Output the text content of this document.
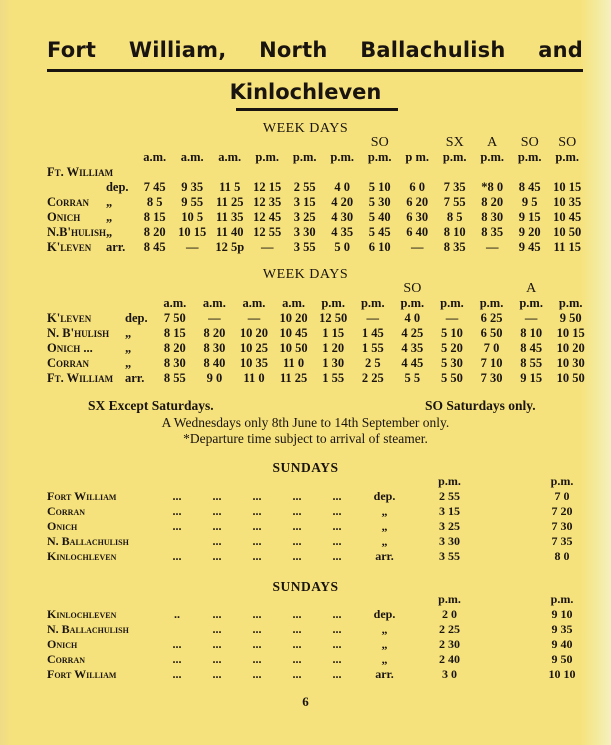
Fort William, North Ballachulish and
Kinlochleven
WEEK DAYS
								SO		SX	A	SO	SO
		a.m.	a.m.	a.m.	p.m.	p.m.	p.m.	p.m.	p m.	p.m.	p.m.	p.m.	p.m.
Ft. William													
	dep.	7 45	9 35	11 5	12 15	2 55	4 0	5 10	6 0	7 35	*8 0	8 45	10 15
Corran	„	8 5	9 55	11 25	12 35	3 15	4 20	5 30	6 20	7 55	8 20	9 5	10 35
Onich	„	8 15	10 5	11 35	12 45	3 25	4 30	5 40	6 30	8 5	8 30	9 15	10 45
N.B'hulish	„	8 20	10 15	11 40	12 55	3 30	4 35	5 45	6 40	8 10	8 35	9 20	10 50
K'leven	arr.	8 45	—	12 5p	—	3 55	5 0	6 10	—	8 35	—	9 45	11 15
WEEK DAYS
								SO			A	
		a.m.	a.m.	a.m.	a.m.	p.m.	p.m.	p.m.	p.m.	p.m.	p.m.	p.m.
K'leven	dep.	7 50	—	—	10 20	12 50	—	4 0	—	6 25	—	9 50
N. B'hulish	„	8 15	8 20	10 20	10 45	1 15	1 45	4 25	5 10	6 50	8 10	10 15
Onich ...	„	8 20	8 30	10 25	10 50	1 20	1 55	4 35	5 20	7 0	8 45	10 20
Corran	„	8 30	8 40	10 35	11 0	1 30	2 5	4 45	5 30	7 10	8 55	10 30
Ft. William	arr.	8 55	9 0	11 0	11 25	1 55	2 25	5 5	5 50	7 30	9 15	10 50
SX Except Saturdays.	SO Saturdays only.
A Wednesdays only 8th June to 14th September only.
*Departure time subject to arrival of steamer.
SUNDAYS
							p.m.		p.m.
Fort William	...	...	...	...	...	dep.	2 55		7 0
Corran	...	...	...	...	...	„	3 15		7 20
Onich	...	...	...	...	...	„	3 25		7 30
N. Ballachulish		...	...	...	...	„	3 30		7 35
Kinlochleven	...	...	...	...	...	arr.	3 55		8 0
SUNDAYS
							p.m.		p.m.
Kinlochleven	..	...	...	...	...	dep.	2 0		9 10
N. Ballachulish		...	...	...	...	„	2 25		9 35
Onich	...	...	...	...	...	„	2 30		9 40
Corran	...	...	...	...	...	„	2 40		9 50
Fort William	...	...	...	...	...	arr.	3 0		10 10
6
